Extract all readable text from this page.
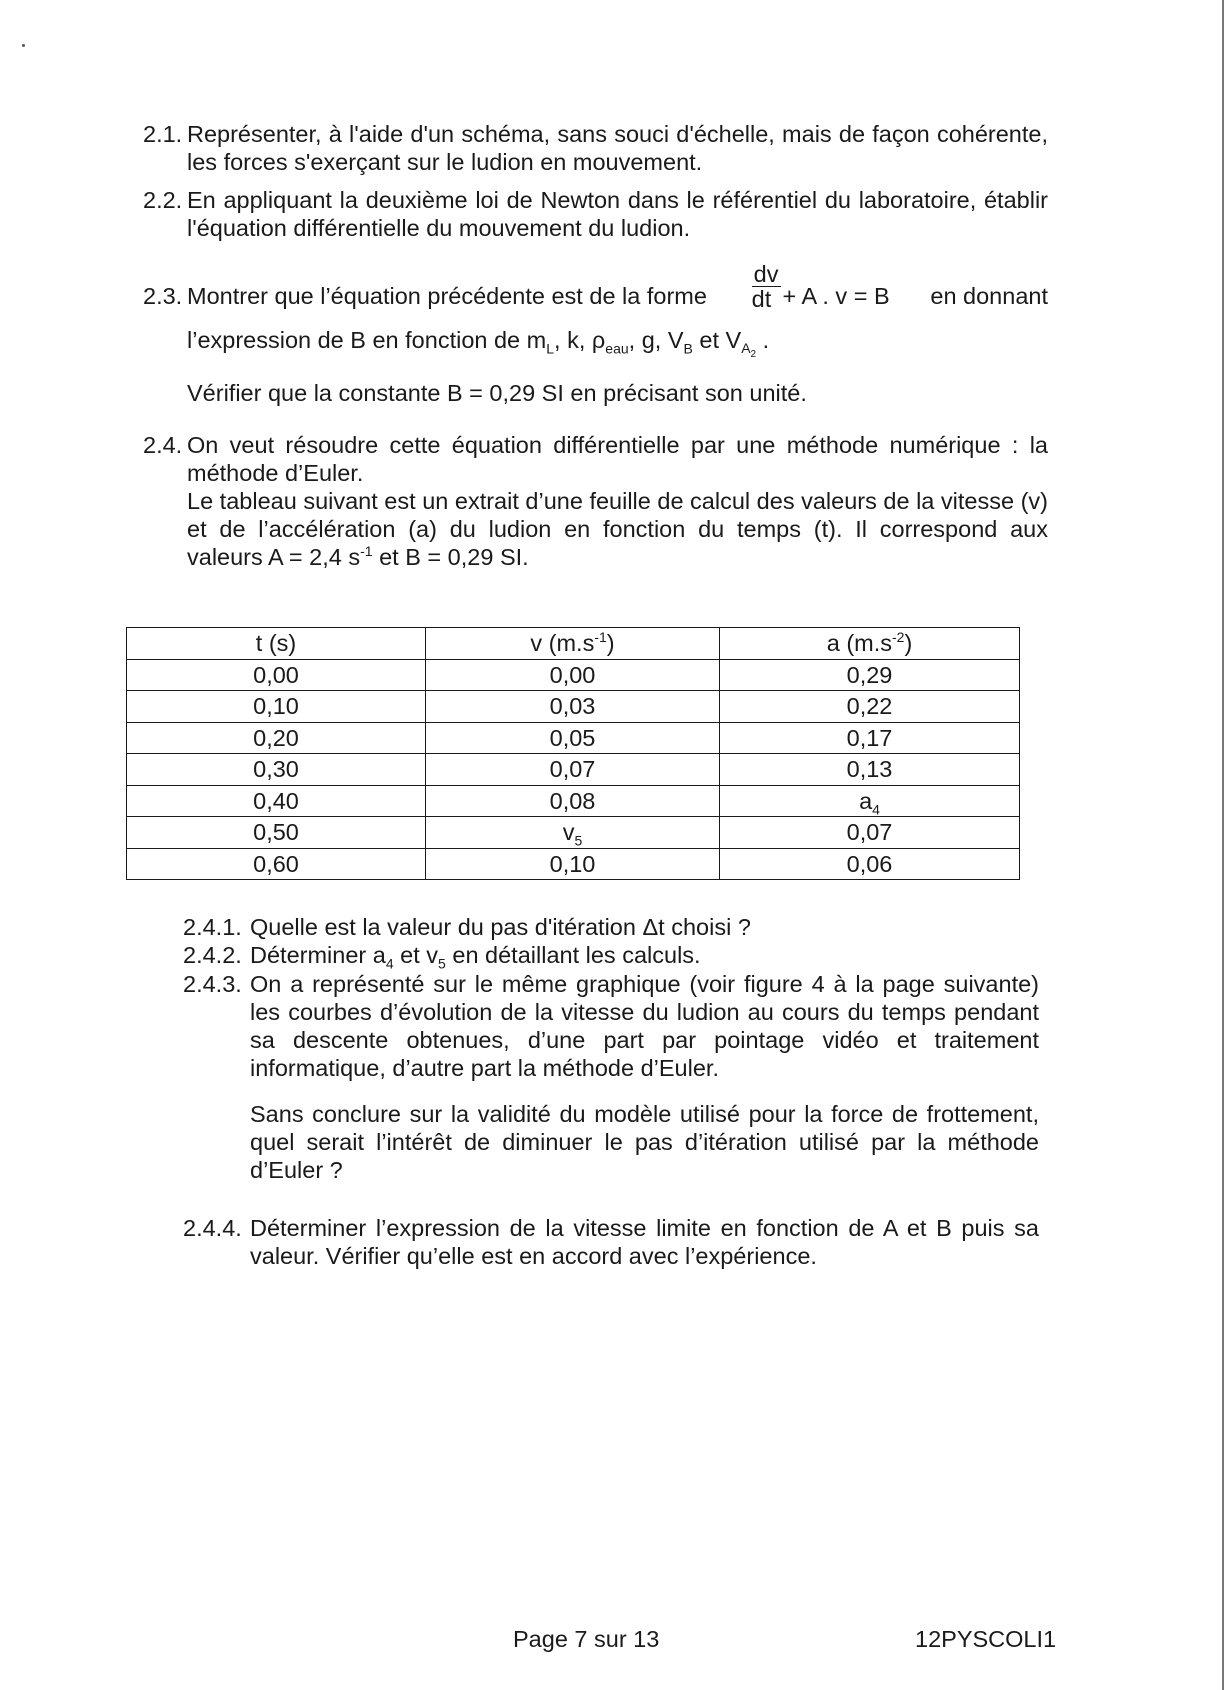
2.1. Représenter, à l'aide d'un schéma, sans souci d'échelle, mais de façon cohérente, les forces s'exerçant sur le ludion en mouvement.
2.2. En appliquant la deuxième loi de Newton dans le référentiel du laboratoire, établir l'équation différentielle du mouvement du ludion.
2.3. Montrer que l’équation précédente est de la forme $\frac{dv}{dt} + A$ . v = B en donnant

l’expression de B en fonction de $m_L$, k, $\rho_{eau}$, g, $V_B$ et $V_{A_2}$ .

Vérifier que la constante B = 0,29 SI en précisant son unité.

2.4. On veut résoudre cette équation différentielle par une méthode numérique : la méthode d’Euler.

Le tableau suivant est un extrait d’une feuille de calcul des valeurs de la vitesse (v) et de l’accélération (a) du ludion en fonction du temps (t). Il correspond aux valeurs A = 2,4 $s^{-1}$ et B = 0,29 SI.

t (s)	v $(m.s^{-1})$	a $(m.s^{-2})$
0,00	0,00	0,29
0,10	0,03	0,22
0,20	0,05	0,17
0,30	0,07	0,13
0,40	0,08	$a_4$
0,50	$v_5$	0,07
0,60	0,10	0,06
2.4.1. Quelle est la valeur du pas d'itération Δt choisi ?
2.4.2. Déterminer $a_4$ et $v_5$ en détaillant les calculs.
2.4.3. On a représenté sur le même graphique (voir figure 4 à la page suivante) les courbes d’évolution de la vitesse du ludion au cours du temps pendant sa descente obtenues, d’une part par pointage vidéo et traitement informatique, d’autre part la méthode d’Euler.

Sans conclure sur la validité du modèle utilisé pour la force de frottement, quel serait l’intérêt de diminuer le pas d’itération utilisé par la méthode d’Euler ?

2.4.4. Déterminer l’expression de la vitesse limite en fonction de A et B puis sa valeur. Vérifier qu’elle est en accord avec l’expérience.
Page 7 sur 13	12PYSCOLI1
